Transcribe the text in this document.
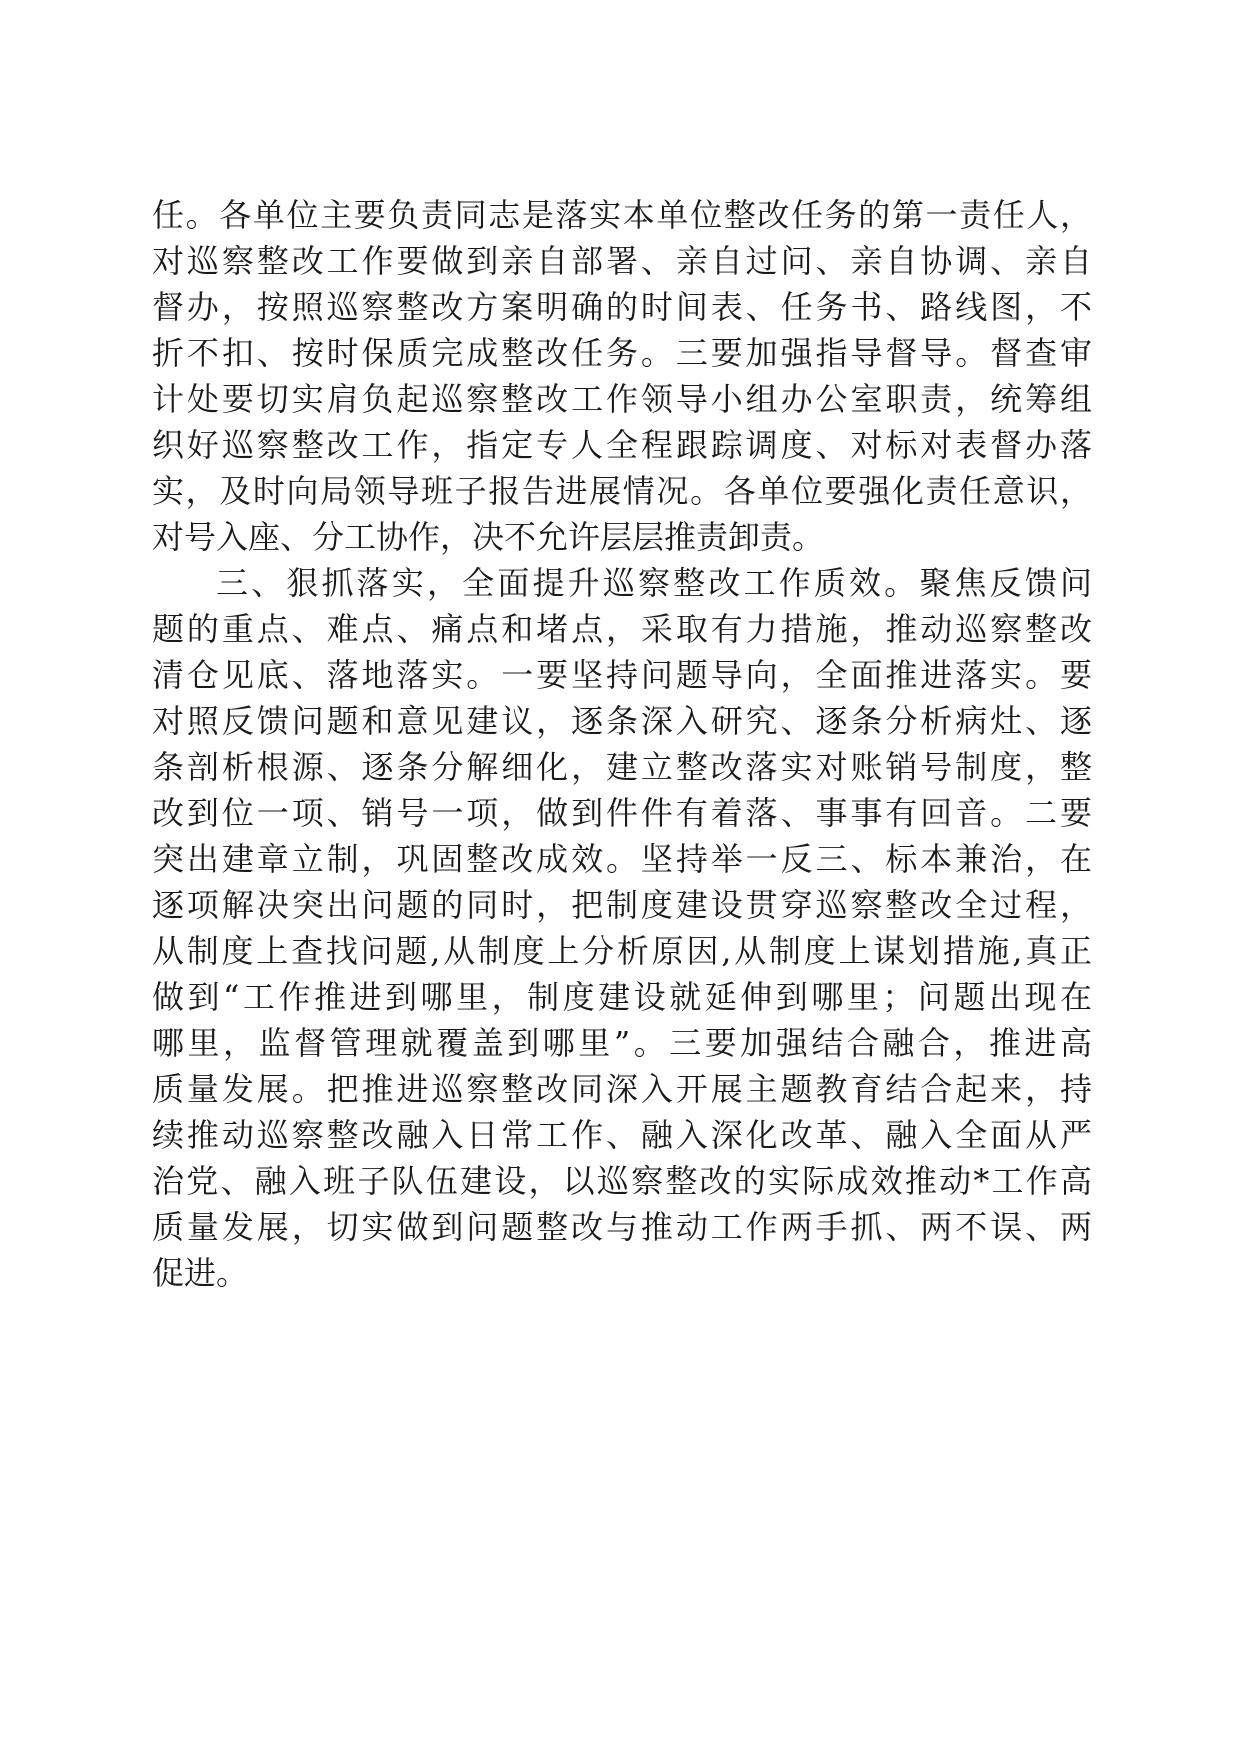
任。各单位主要负责同志是落实本单位整改任务的第一责任人，
对巡察整改工作要做到亲自部署、亲自过问、亲自协调、亲自
督办，按照巡察整改方案明确的时间表、任务书、路线图，不
折不扣、按时保质完成整改任务。三要加强指导督导。督查审
计处要切实肩负起巡察整改工作领导小组办公室职责，统筹组
织好巡察整改工作，指定专人全程跟踪调度、对标对表督办落
实，及时向局领导班子报告进展情况。各单位要强化责任意识，
对号入座、分工协作，决不允许层层推责卸责。
三、狠抓落实，全面提升巡察整改工作质效。聚焦反馈问
题的重点、难点、痛点和堵点，采取有力措施，推动巡察整改
清仓见底、落地落实。一要坚持问题导向，全面推进落实。要
对照反馈问题和意见建议，逐条深入研究、逐条分析病灶、逐
条剖析根源、逐条分解细化，建立整改落实对账销号制度，整
改到位一项、销号一项，做到件件有着落、事事有回音。二要
突出建章立制，巩固整改成效。坚持举一反三、标本兼治，在
逐项解决突出问题的同时，把制度建设贯穿巡察整改全过程，
从制度上查找问题,从制度上分析原因,从制度上谋划措施,真正
做到“工作推进到哪里，制度建设就延伸到哪里；问题出现在
哪里，监督管理就覆盖到哪里”。三要加强结合融合，推进高
质量发展。把推进巡察整改同深入开展主题教育结合起来，持
续推动巡察整改融入日常工作、融入深化改革、融入全面从严
治党、融入班子队伍建设，以巡察整改的实际成效推动*工作高
质量发展，切实做到问题整改与推动工作两手抓、两不误、两
促进。
